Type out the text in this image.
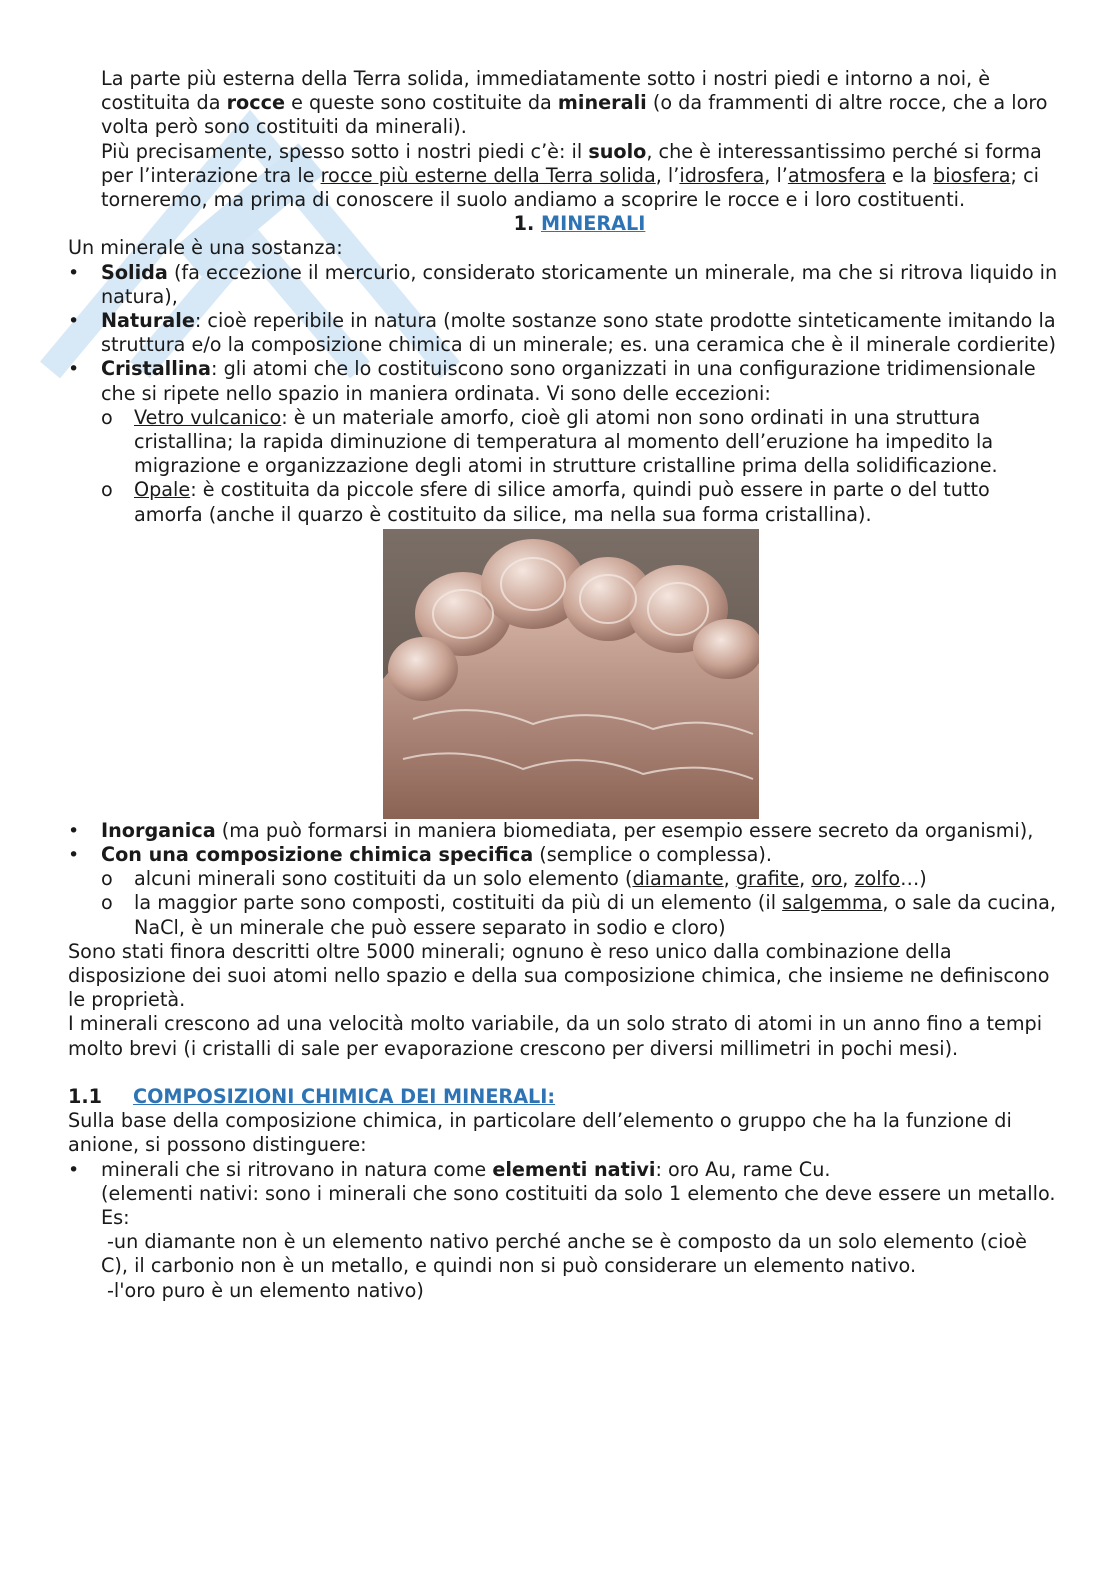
La parte più esterna della Terra solida, immediatamente sotto i nostri piedi e intorno a noi, è costituita da rocce e queste sono costituite da minerali (o da frammenti di altre rocce, che a loro volta però sono costituiti da minerali).

Più precisamente, spesso sotto i nostri piedi c’è: il suolo, che è interessantissimo perché si forma per l’interazione tra le rocce più esterne della Terra solida, l’idrosfera, l’atmosfera e la biosfera; ci torneremo, ma prima di conoscere il suolo andiamo a scoprire le rocce e i loro costituenti.

1. MINERALI

Un minerale è una sostanza:

• Solida (fa eccezione il mercurio, considerato storicamente un minerale, ma che si ritrova liquido in natura),
• Naturale: cioè reperibile in natura (molte sostanze sono state prodotte sinteticamente imitando la struttura e/o la composizione chimica di un minerale; es. una ceramica che è il minerale cordierite)
• Cristallina: gli atomi che lo costituiscono sono organizzati in una configurazione tridimensionale che si ripete nello spazio in maniera ordinata. Vi sono delle eccezioni:
o Vetro vulcanico: è un materiale amorfo, cioè gli atomi non sono ordinati in una struttura cristallina; la rapida diminuzione di temperatura al momento dell’eruzione ha impedito la migrazione e organizzazione degli atomi in strutture cristalline prima della solidificazione.
o Opale: è costituita da piccole sfere di silice amorfa, quindi può essere in parte o del tutto amorfa (anche il quarzo è costituito da silice, ma nella sua forma cristallina).
• Inorganica (ma può formarsi in maniera biomediata, per esempio essere secreto da organismi),
• Con una composizione chimica specifica (semplice o complessa).
o alcuni minerali sono costituiti da un solo elemento (diamante, grafite, oro, zolfo…)
o la maggior parte sono composti, costituiti da più di un elemento (il salgemma, o sale da cucina, NaCl, è un minerale che può essere separato in sodio e cloro)

Sono stati finora descritti oltre 5000 minerali; ognuno è reso unico dalla combinazione della disposizione dei suoi atomi nello spazio e della sua composizione chimica, che insieme ne definiscono le proprietà.

I minerali crescono ad una velocità molto variabile, da un solo strato di atomi in un anno fino a tempi molto brevi (i cristalli di sale per evaporazione crescono per diversi millimetri in pochi mesi).

1.1 COMPOSIZIONI CHIMICA DEI MINERALI:

Sulla base della composizione chimica, in particolare dell’elemento o gruppo che ha la funzione di anione, si possono distinguere:

• minerali che si ritrovano in natura come elementi nativi: oro Au, rame Cu.

(elementi nativi: sono i minerali che sono costituiti da solo 1 elemento che deve essere un metallo. Es:

-un diamante non è un elemento nativo perché anche se è composto da un solo elemento (cioè C), il carbonio non è un metallo, e quindi non si può considerare un elemento nativo.

-l'oro puro è un elemento nativo)
